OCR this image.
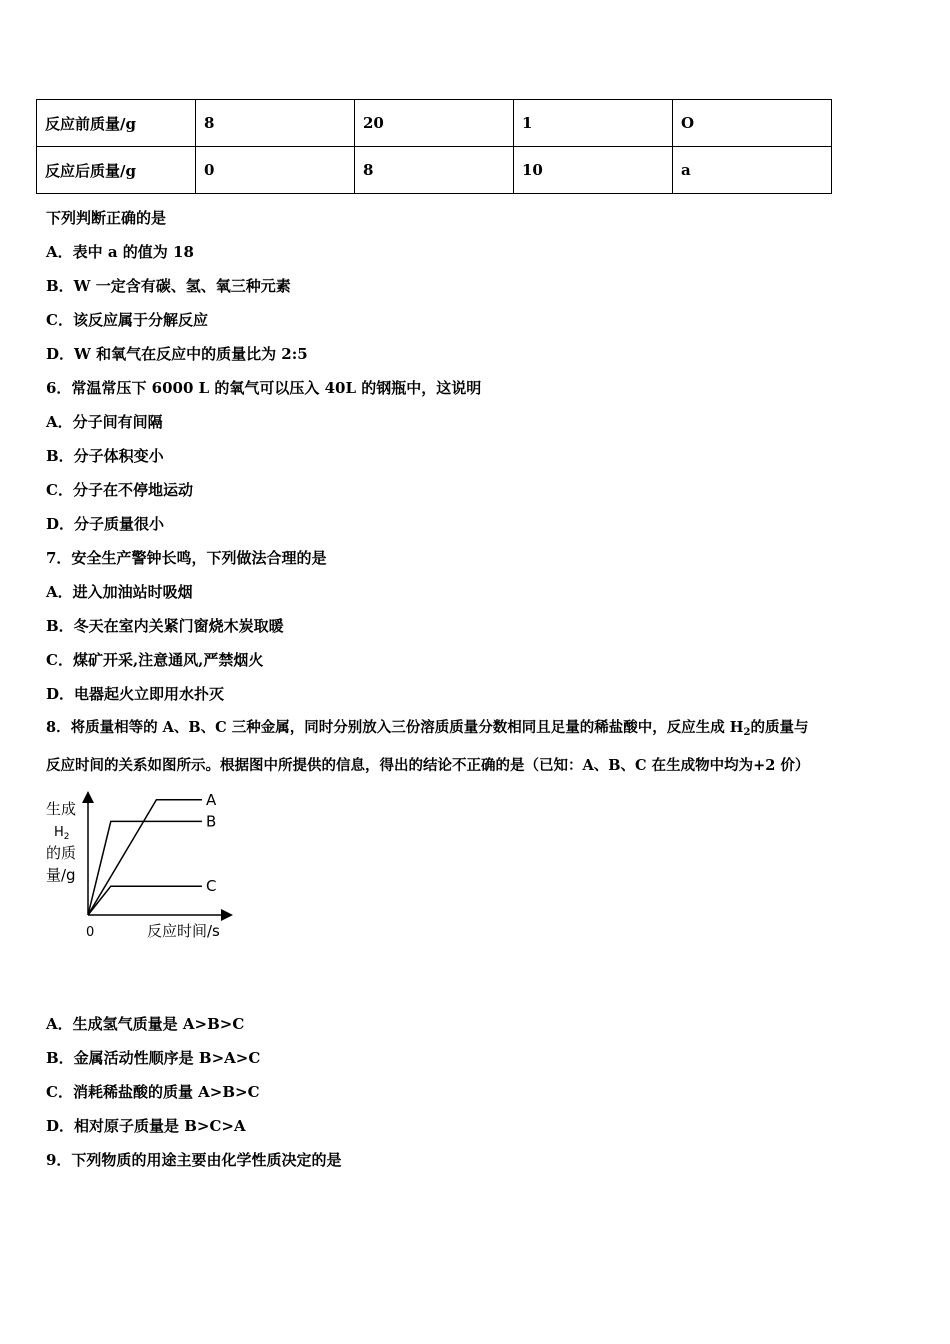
反应前质量/g	8	20	1	O
反应后质量/g	0	8	10	a
下列判断正确的是
A．表中 a 的值为 18
B．W 一定含有碳、氢、氧三种元素
C．该反应属于分解反应
D．W 和氧气在反应中的质量比为 2:5
6．常温常压下 6000 L 的氧气可以压入 40L 的钢瓶中，这说明
A．分子间有间隔
B．分子体积变小
C．分子在不停地运动
D．分子质量很小
7．安全生产警钟长鸣，下列做法合理的是
A．进入加油站时吸烟
B．冬天在室内关紧门窗烧木炭取暖
C．煤矿开采,注意通风,严禁烟火
D．电器起火立即用水扑灭
8．将质量相等的 A、B、C 三种金属，同时分别放入三份溶质质量分数相同且足量的稀盐酸中，反应生成 $H_2$的质量与
反应时间的关系如图所示。根据图中所提供的信息，得出的结论不正确的是（已知：A、B、C 在生成物中均为+2 价）
生成
$H_2$
的质
量/g
0	反应时间/s
A
B
C
A．生成氢气质量是 A>B>C
B．金属活动性顺序是 B>A>C
C．消耗稀盐酸的质量 A>B>C
D．相对原子质量是 B>C>A
9．下列物质的用途主要由化学性质决定的是
